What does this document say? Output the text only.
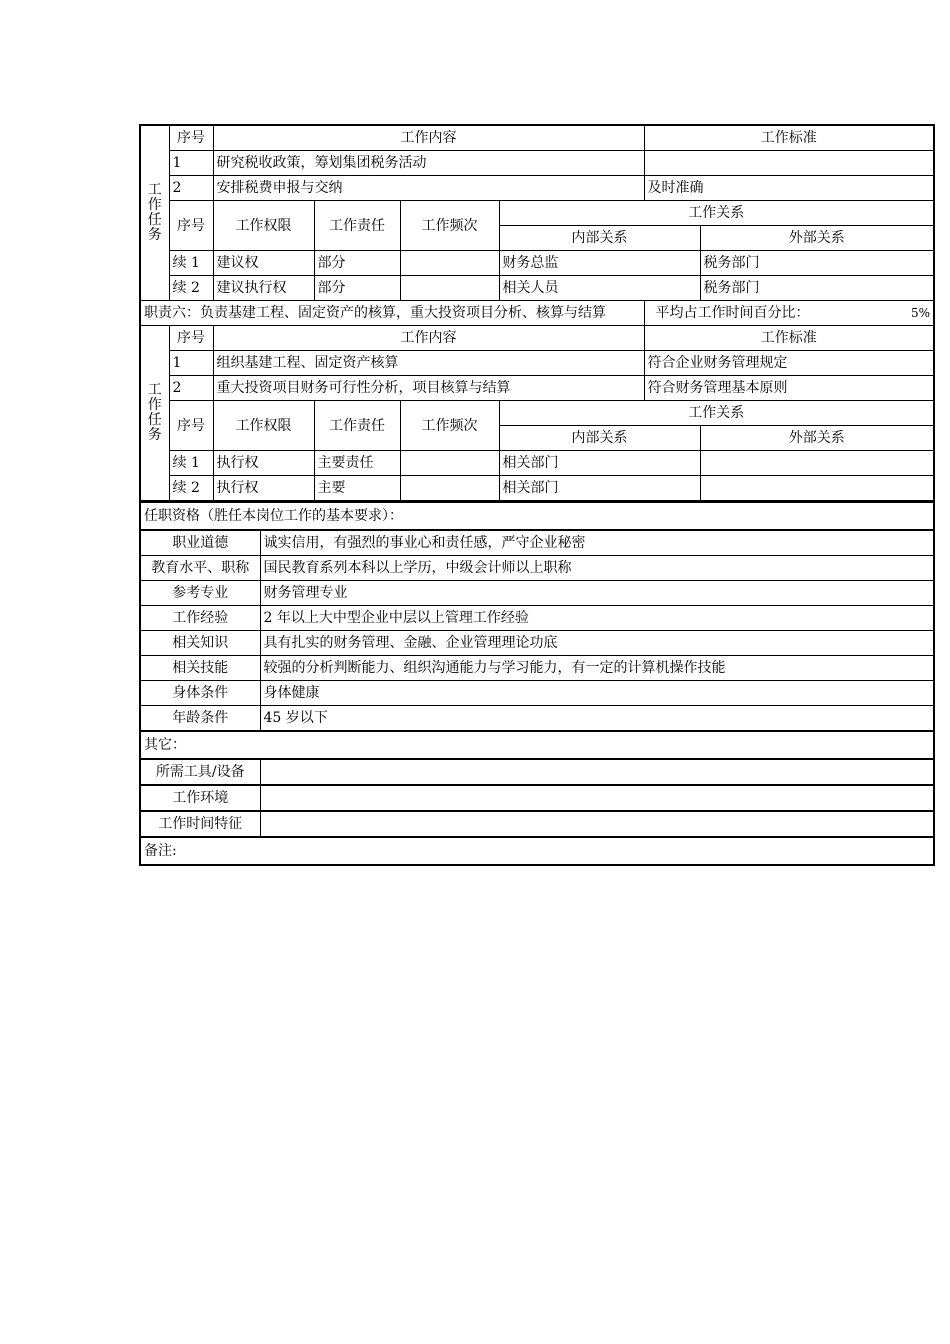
工
作
任
务	序号	工作内容				工作标准	
	1	研究税收政策，筹划集团税务活动					
	2	安排税费申报与交纳				及时准确	
	序号	工作权限	工作责任	工作频次	工作关系		
					内部关系		外部关系
	续 1	建议权	部分		财务总监		税务部门
	续 2	建议执行权	部分		相关人员		税务部门
职责六：负责基建工程、固定资产的核算，重大投资项目分析、核算与结算						平均占工作时间百分比： 5%	

工
作
任
务	序号	工作内容				工作标准	
	1	组织基建工程、固定资产核算				符合企业财务管理规定	
	2	重大投资项目财务可行性分析，项目核算与结算				符合财务管理基本原则	
	序号	工作权限	工作责任	工作频次	工作关系		
					内部关系		外部关系
	续 1	执行权	主要责任		相关部门		
	续 2	执行权	主要		相关部门		
任职资格（胜任本岗位工作的基本要求）：	
职业道德	诚实信用，有强烈的事业心和责任感，严守企业秘密
教育水平、职称	国民教育系列本科以上学历，中级会计师以上职称
参考专业	财务管理专业
工作经验	2 年以上大中型企业中层以上管理工作经验
相关知识	具有扎实的财务管理、金融、企业管理理论功底
相关技能	较强的分析判断能力、组织沟通能力与学习能力，有一定的计算机操作技能
身体条件	身体健康
年龄条件	45 岁以下
其它：	
所需工具/设备	
工作环境	
工作时间特征	
备注:	
